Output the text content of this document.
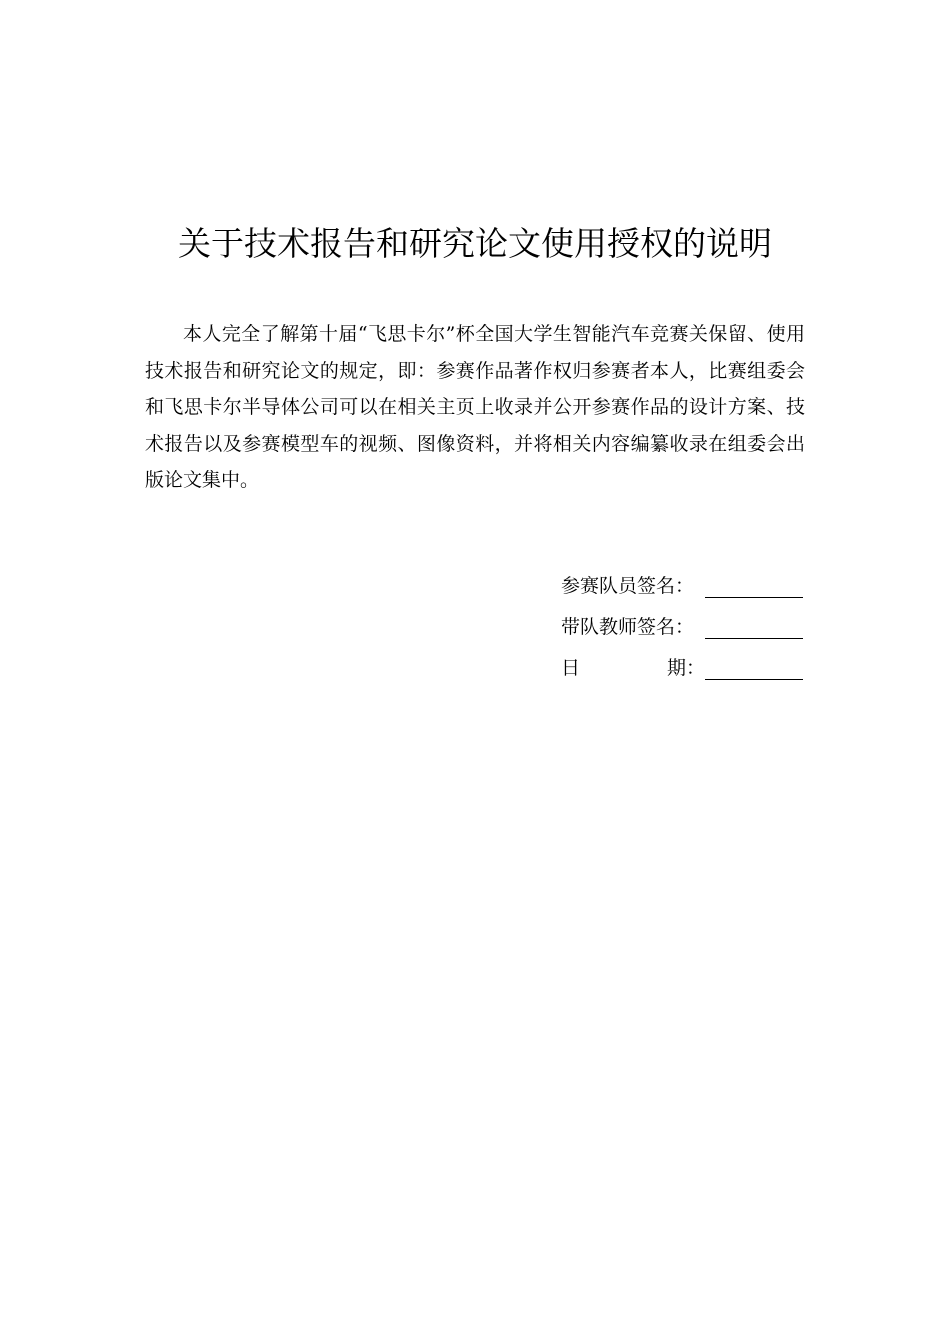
关于技术报告和研究论文使用授权的说明

本人完全了解第十届“飞思卡尔”杯全国大学生智能汽车竞赛关保留、使用技术报告和研究论文的规定，即：参赛作品著作权归参赛者本人，比赛组委会和飞思卡尔半导体公司可以在相关主页上收录并公开参赛作品的设计方案、技术报告以及参赛模型车的视频、图像资料，并将相关内容编纂收录在组委会出版论文集中。

参赛队员签名：
带队教师签名：
日	期：
